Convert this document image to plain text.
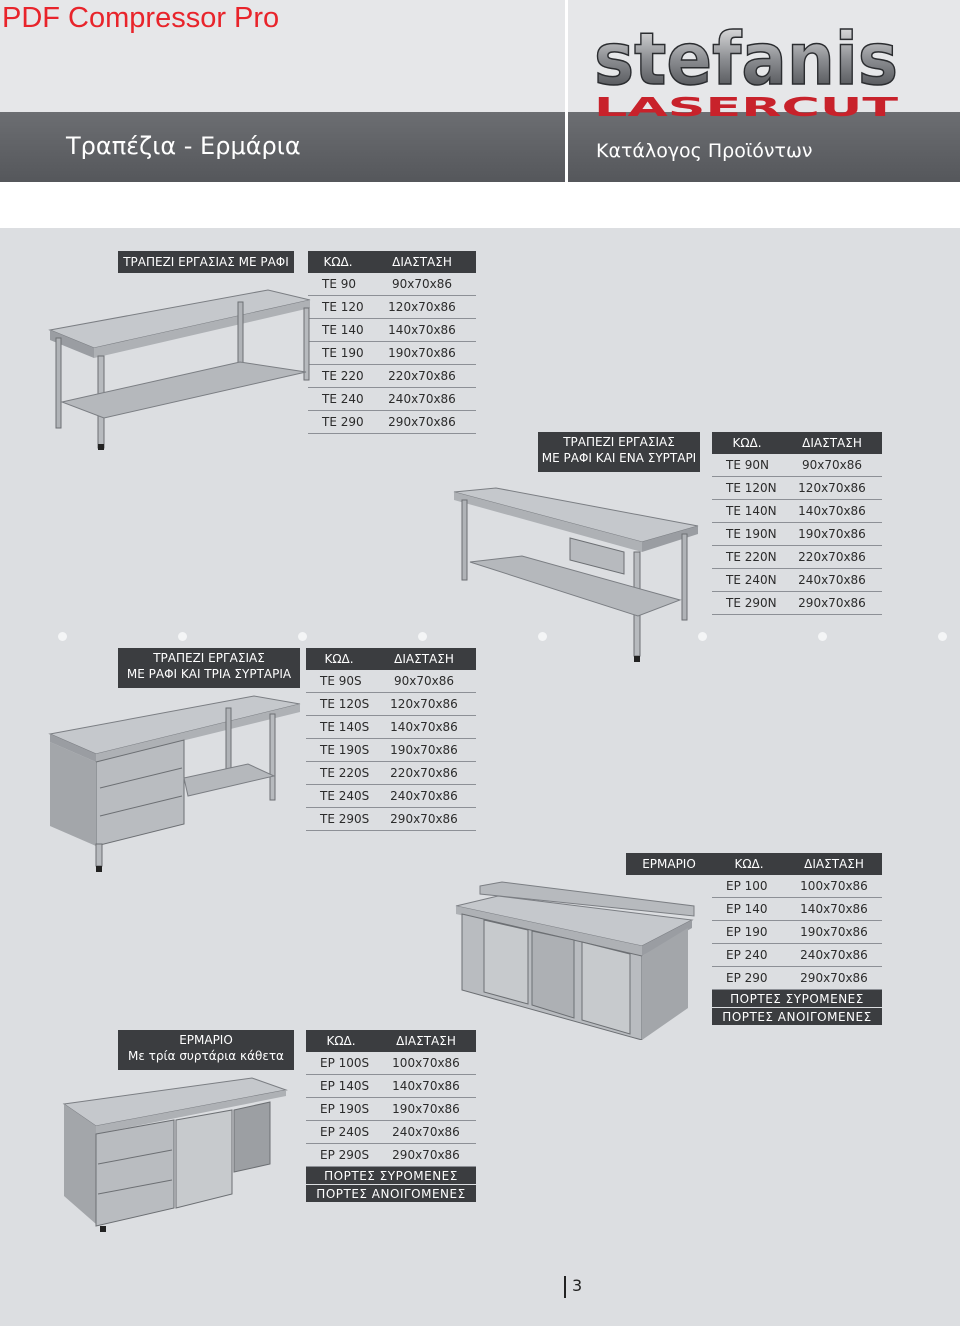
PDF Compressor Pro	stefanis
LASERCUT
Τραπέζια - Ερμάρια	Κατάλογος Προϊόντων
ΤΡΑΠΕΖΙ ΕΡΓΑΣΙΑΣ ΜΕ ΡΑΦΙ	ΚΩΔ.	ΔΙΑΣΤΑΣΗ
ΤΕ 90	90x70x86
ΤΕ 120	120x70x86
ΤΕ 140	140x70x86
ΤΕ 190	190x70x86
ΤΕ 220	220x70x86
ΤΕ 240	240x70x86
ΤΕ 290	290x70x86
ΤΡΑΠΕΖΙ ΕΡΓΑΣΙΑΣ
ΜΕ ΡΑΦΙ ΚΑΙ ΕΝΑ ΣΥΡΤΑΡΙ
ΚΩΔ.	ΔΙΑΣΤΑΣΗ
ΤΕ 90N	90x70x86
ΤΕ 120N	120x70x86
ΤΕ 140N	140x70x86
ΤΕ 190N	190x70x86
ΤΕ 220N	220x70x86
ΤΕ 240N	240x70x86
ΤΕ 290N	290x70x86
ΤΡΑΠΕΖΙ ΕΡΓΑΣΙΑΣ
ΜΕ ΡΑΦΙ ΚΑΙ ΤΡΙΑ ΣΥΡΤΑΡΙΑ
ΚΩΔ.	ΔΙΑΣΤΑΣΗ
ΤΕ 90S	90x70x86
ΤΕ 120S	120x70x86
ΤΕ 140S	140x70x86
ΤΕ 190S	190x70x86
ΤΕ 220S	220x70x86
ΤΕ 240S	240x70x86
ΤΕ 290S	290x70x86
ΕΡΜΑΡΙΟ	ΚΩΔ.	ΔΙΑΣΤΑΣΗ
ΕΡ 100	100x70x86
ΕΡ 140	140x70x86
ΕΡ 190	190x70x86
ΕΡ 240	240x70x86
ΕΡ 290	290x70x86
ΠΟΡΤΕΣ ΣΥΡΟΜΕΝΕΣ	
ΠΟΡΤΕΣ ΑΝΟΙΓΟΜΕΝΕΣ	
ΕΡΜΑΡΙΟ
Με τρία συρτάρια κάθετα
ΚΩΔ.	ΔΙΑΣΤΑΣΗ
ΕΡ 100S	100x70x86
ΕΡ 140S	140x70x86
ΕΡ 190S	190x70x86
ΕΡ 240S	240x70x86
ΕΡ 290S	290x70x86
ΠΟΡΤΕΣ ΣΥΡΟΜΕΝΕΣ	
ΠΟΡΤΕΣ ΑΝΟΙΓΟΜΕΝΕΣ	
3
